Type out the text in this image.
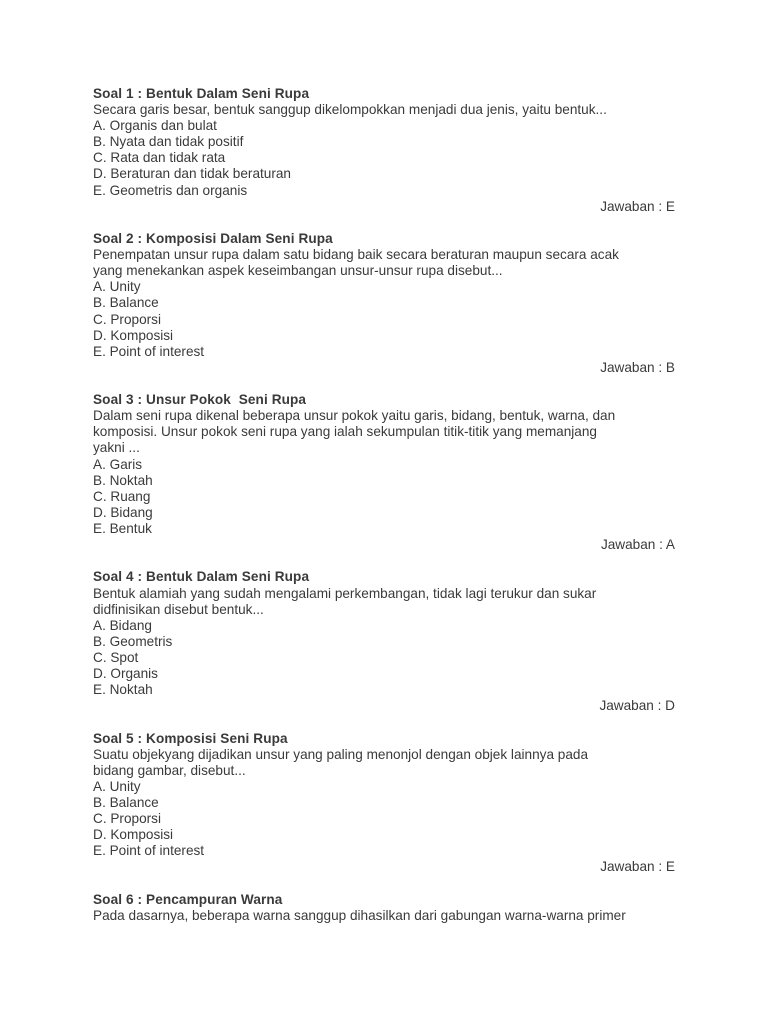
Soal 1 : Bentuk Dalam Seni Rupa
Secara garis besar, bentuk sanggup dikelompokkan menjadi dua jenis, yaitu bentuk...
A. Organis dan bulat
B. Nyata dan tidak positif
C. Rata dan tidak rata
D. Beraturan dan tidak beraturan
E. Geometris dan organis
Jawaban : E
Soal 2 : Komposisi Dalam Seni Rupa
Penempatan unsur rupa dalam satu bidang baik secara beraturan maupun secara acak
yang menekankan aspek keseimbangan unsur-unsur rupa disebut...
A. Unity
B. Balance
C. Proporsi
D. Komposisi
E. Point of interest
Jawaban : B
Soal 3 : Unsur Pokok  Seni Rupa
Dalam seni rupa dikenal beberapa unsur pokok yaitu garis, bidang, bentuk, warna, dan
komposisi. Unsur pokok seni rupa yang ialah sekumpulan titik-titik yang memanjang
yakni ...
A. Garis
B. Noktah
C. Ruang
D. Bidang
E. Bentuk
Jawaban : A
Soal 4 : Bentuk Dalam Seni Rupa
Bentuk alamiah yang sudah mengalami perkembangan, tidak lagi terukur dan sukar
didfinisikan disebut bentuk...
A. Bidang
B. Geometris
C. Spot
D. Organis
E. Noktah
Jawaban : D
Soal 5 : Komposisi Seni Rupa
Suatu objekyang dijadikan unsur yang paling menonjol dengan objek lainnya pada
bidang gambar, disebut...
A. Unity
B. Balance
C. Proporsi
D. Komposisi
E. Point of interest
Jawaban : E
Soal 6 : Pencampuran Warna
Pada dasarnya, beberapa warna sanggup dihasilkan dari gabungan warna-warna primer
